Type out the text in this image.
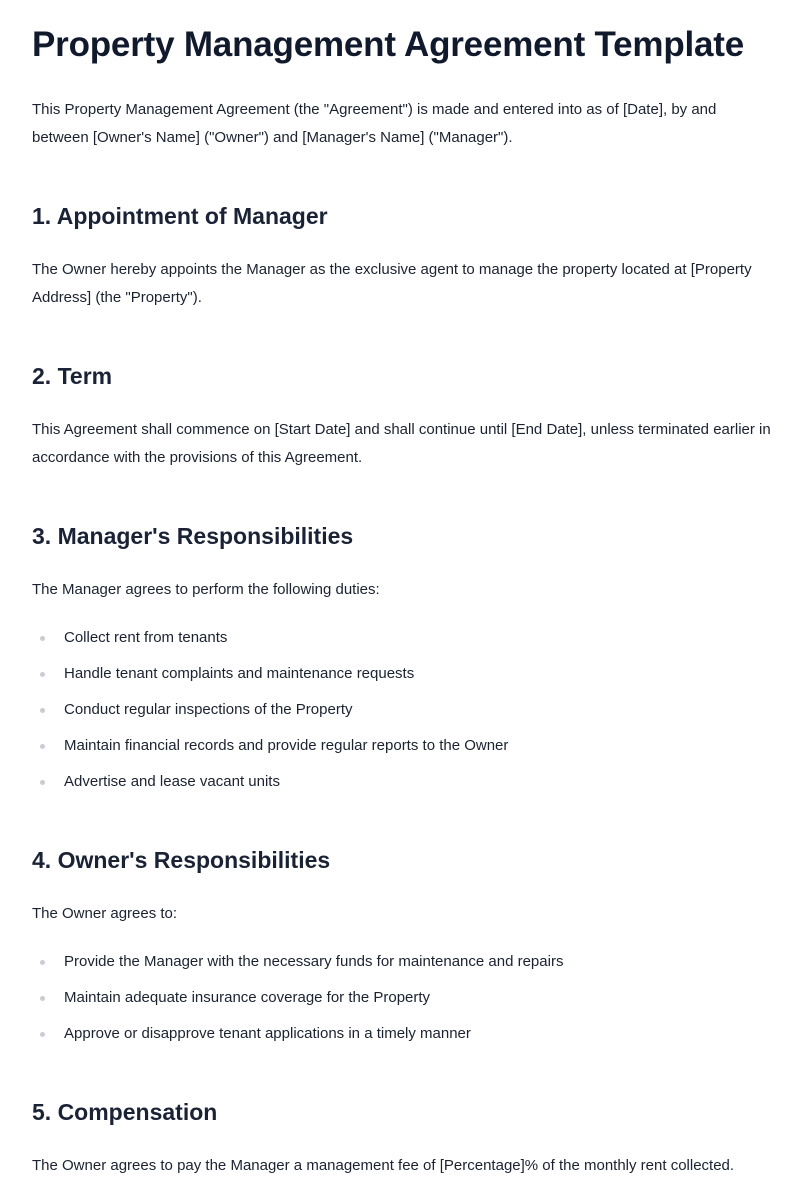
Property Management Agreement Template

This Property Management Agreement (the "Agreement") is made and entered into as of [Date], by and between [Owner's Name] ("Owner") and [Manager's Name] ("Manager").

1. Appointment of Manager

The Owner hereby appoints the Manager as the exclusive agent to manage the property located at [Property Address] (the "Property").

2. Term

This Agreement shall commence on [Start Date] and shall continue until [End Date], unless terminated earlier in accordance with the provisions of this Agreement.

3. Manager's Responsibilities

The Manager agrees to perform the following duties:

Collect rent from tenants
Handle tenant complaints and maintenance requests
Conduct regular inspections of the Property
Maintain financial records and provide regular reports to the Owner
Advertise and lease vacant units
4. Owner's Responsibilities

The Owner agrees to:

Provide the Manager with the necessary funds for maintenance and repairs
Maintain adequate insurance coverage for the Property
Approve or disapprove tenant applications in a timely manner
5. Compensation

The Owner agrees to pay the Manager a management fee of [Percentage]% of the monthly rent collected.
